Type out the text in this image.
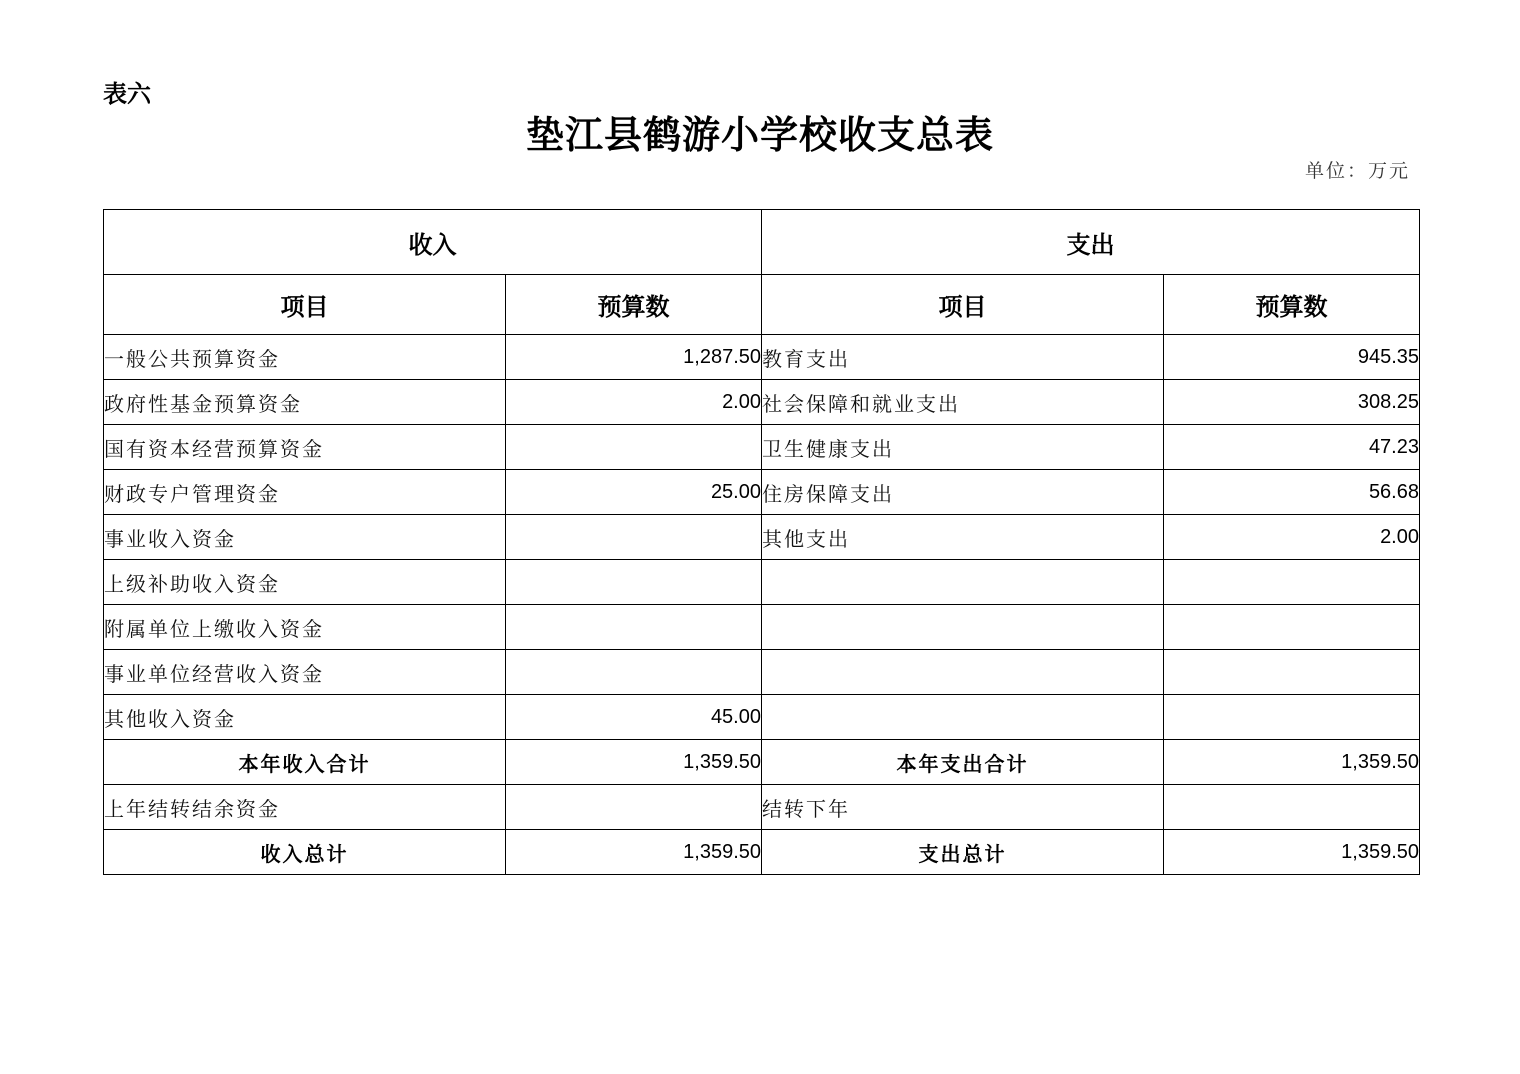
表六
垫江县鹤游小学校收支总表
单位：万元
收入		支出	
项目	预算数	项目	预算数
一般公共预算资金	1,287.50	教育支出	945.35
政府性基金预算资金	2.00	社会保障和就业支出	308.25
国有资本经营预算资金		卫生健康支出	47.23
财政专户管理资金	25.00	住房保障支出	56.68
事业收入资金		其他支出	2.00
上级补助收入资金			
附属单位上缴收入资金			
事业单位经营收入资金			
其他收入资金	45.00		
本年收入合计	1,359.50	本年支出合计	1,359.50
上年结转结余资金		结转下年	
收入总计	1,359.50	支出总计	1,359.50
